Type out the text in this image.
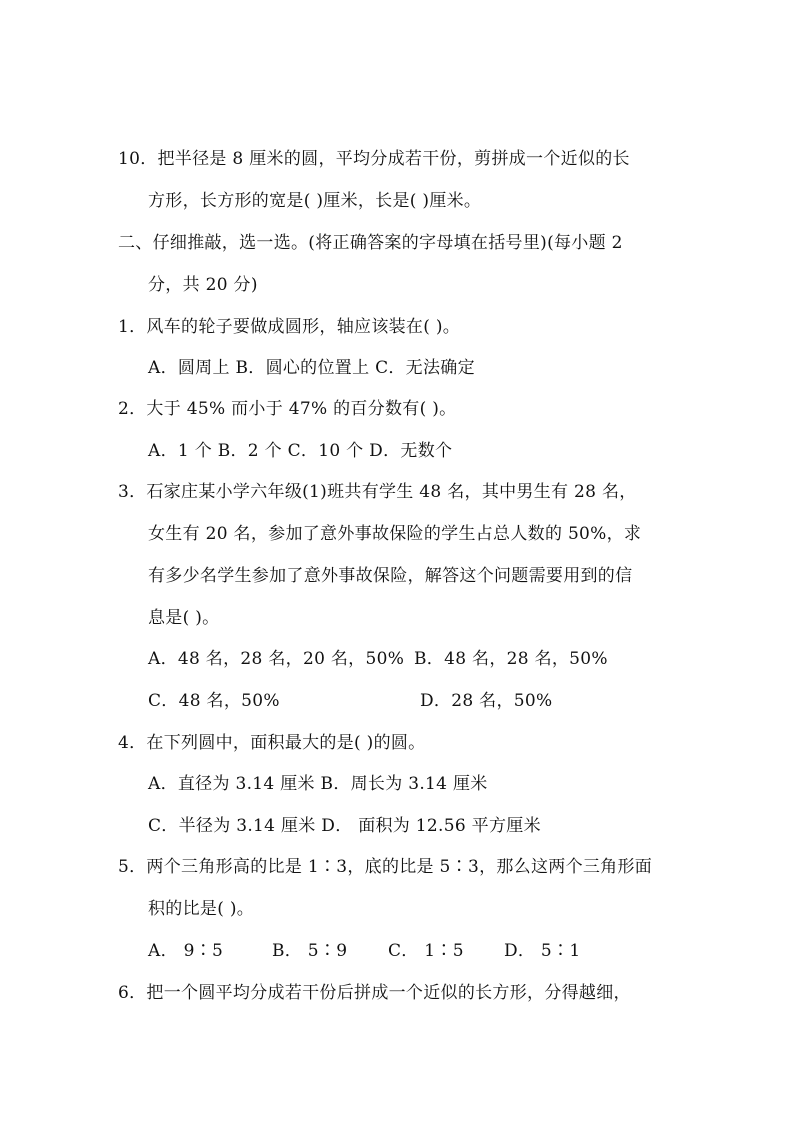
10．把半径是 8 厘米的圆，平均分成若干份，剪拼成一个近似的长
方形，长方形的宽是( )厘米，长是( )厘米。
二、仔细推敲，选一选。(将正确答案的字母填在括号里)(每小题 2
分，共 20 分)
1．风车的轮子要做成圆形，轴应该装在( )。
A．圆周上 B．圆心的位置上 C．无法确定
2．大于 45% 而小于 47% 的百分数有( )。
A．1 个 B．2 个 C．10 个 D．无数个
3．石家庄某小学六年级(1)班共有学生 48 名，其中男生有 28 名，
女生有 20 名，参加了意外事故保险的学生占总人数的 50%，求
有多少名学生参加了意外事故保险，解答这个问题需要用到的信
息是( )。
A．48 名，28 名，20 名，50% B．48 名，28 名，50%
C．48 名，50%	D．28 名，50%
4．在下列圆中，面积最大的是( )的圆。
A．直径为 3.14 厘米 B．周长为 3.14 厘米
C．半径为 3.14 厘米 D． 面积为 12.56 平方厘米
5．两个三角形高的比是 1∶3，底的比是 5∶3，那么这两个三角形面
积的比是( )。
A． 9∶5	B． 5∶9 C． 1∶5 D． 5∶1
6．把一个圆平均分成若干份后拼成一个近似的长方形，分得越细，
